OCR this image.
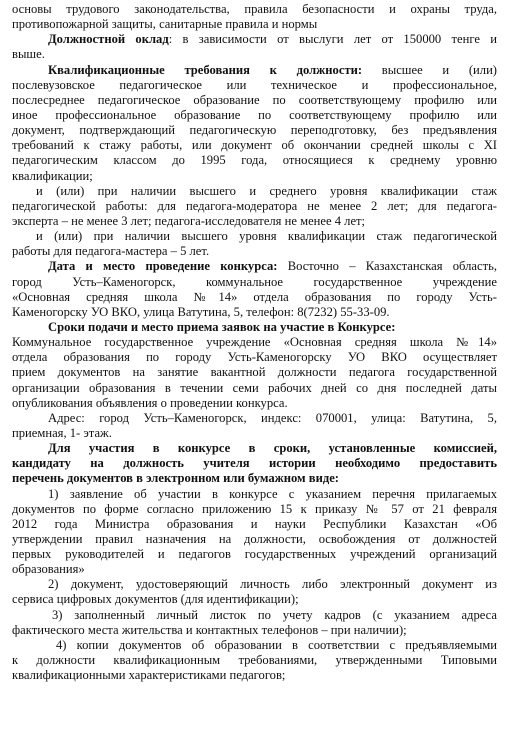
основы трудового законодательства, правила безопасности и охраны труда,
противопожарной защиты, санитарные правила и нормы
Должностной оклад: в зависимости от выслуги лет от 150000 тенге и
выше.
Квалификационные требования к должности: высшее и (или)
послевузовское педагогическое или техническое и профессиональное,
послесреднее педагогическое образование по соответствующему профилю или
иное профессиональное образование по соответствующему профилю или
документ, подтверждающий педагогическую переподготовку, без предъявления
требований к стажу работы, или документ об окончании средней школы с XI
педагогическим классом до 1995 года, относящиеся к среднему уровню
квалификации;
и (или) при наличии высшего и среднего уровня квалификации стаж
педагогической работы: для педагога-модератора не менее 2 лет; для педагога-
эксперта – не менее 3 лет; педагога-исследователя не менее 4 лет;
и (или) при наличии высшего уровня квалификации стаж педагогической
работы для педагога-мастера – 5 лет.
Дата и место проведение конкурса: Восточно – Казахстанская область,
город Усть–Каменогорск, коммунальное государственное учреждение
«Основная средняя школа №14» отдела образования по городу Усть-
Каменогорску УО ВКО, улица Ватутина, 5, телефон: 8(7232) 55-33-09.
Сроки подачи и место приема заявок на участие в Конкурсе:
Коммунальное государственное учреждение «Основная средняя школа №14»
отдела образования по городу Усть-Каменогорску УО ВКО осуществляет
прием документов на занятие вакантной должности педагога государственной
организации образования в течении семи рабочих дней со дня последней даты
опубликования объявления о проведении конкурса.
Адрес: город Усть–Каменогорск, индекс: 070001, улица: Ватутина, 5,
приемная, 1- этаж.
Для участия в конкурсе в сроки, установленные комиссией,
кандидату на должность учителя истории необходимо предоставить
перечень документов в электронном или бумажном виде:
1) заявление об участии в конкурсе с указанием перечня прилагаемых
документов по форме согласно приложению 15 к приказу № 57 от 21 февраля
2012 года Министра образования и науки Республики Казахстан «Об
утверждении правил назначения на должности, освобождения от должностей
первых руководителей и педагогов государственных учреждений организаций
образования»
2) документ, удостоверяющий личность либо электронный документ из
сервиса цифровых документов (для идентификации);
3) заполненный личный листок по учету кадров (с указанием адреса
фактического места жительства и контактных телефонов – при наличии);
4) копии документов об образовании в соответствии с предъявляемыми
к должности квалификационным требованиями, утвержденными Типовыми
квалификационными характеристиками педагогов;
